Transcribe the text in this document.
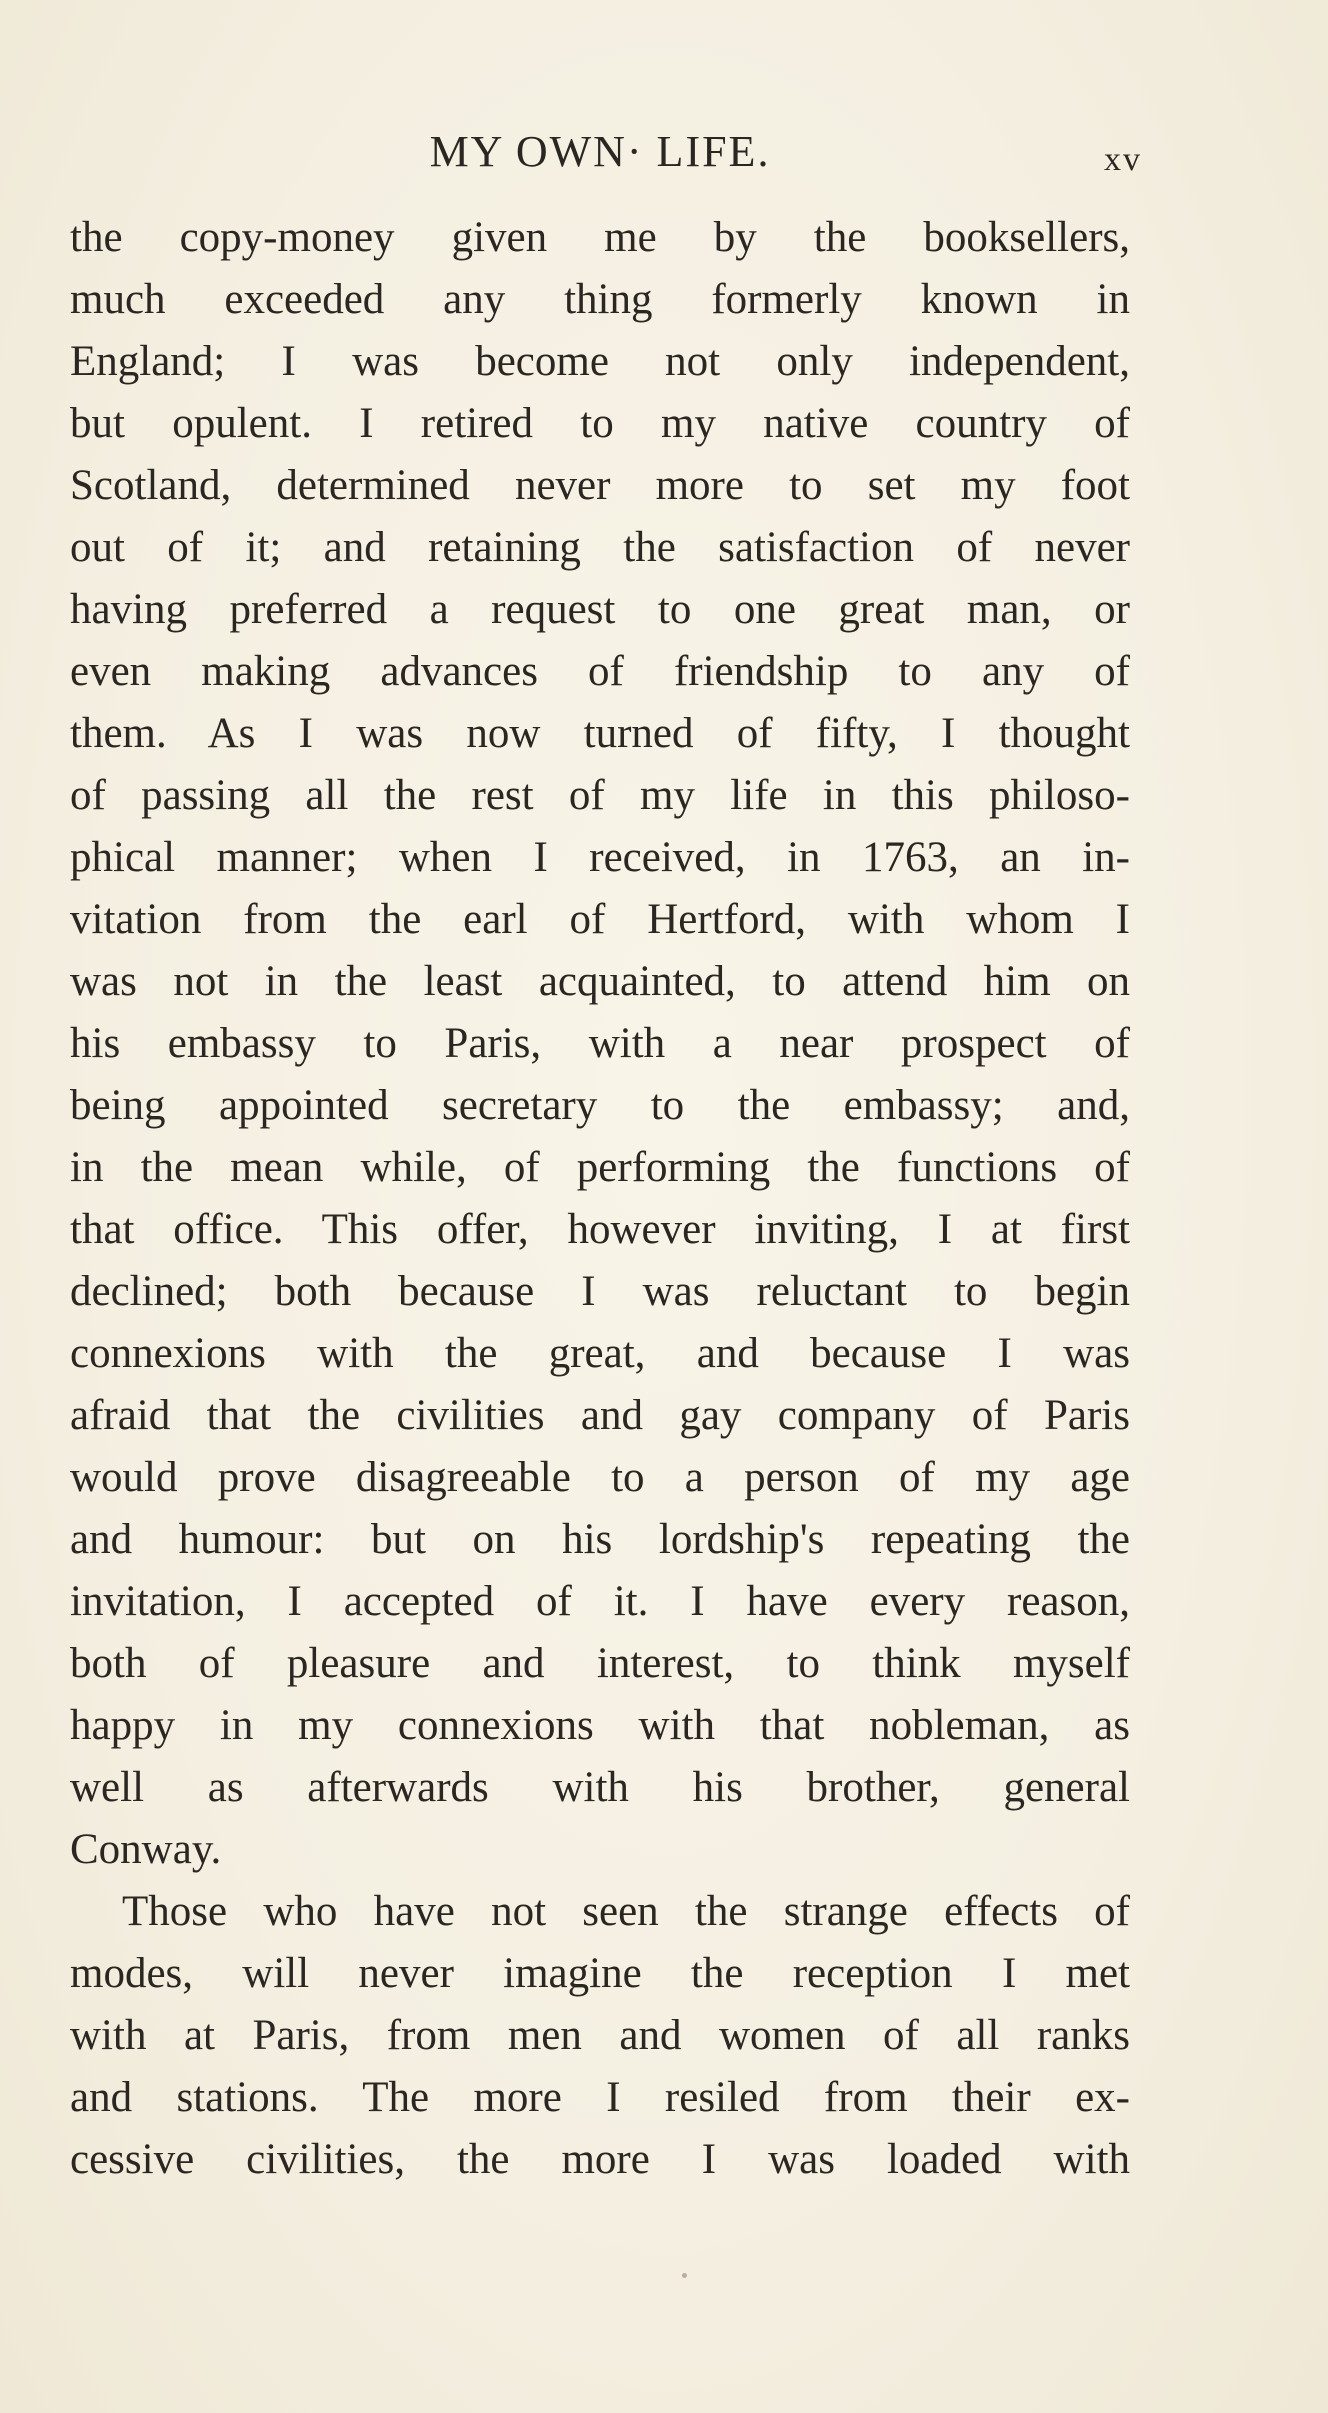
MY OWN· LIFE.	xv
the copy-money given me by the booksellers,
much exceeded any thing formerly known in
England; I was become not only independent,
but opulent. I retired to my native country of
Scotland, determined never more to set my foot
out of it; and retaining the satisfaction of never
having preferred a request to one great man, or
even making advances of friendship to any of
them. As I was now turned of fifty, I thought
of passing all the rest of my life in this philoso-
phical manner; when I received, in 1763, an in-
vitation from the earl of Hertford, with whom I
was not in the least acquainted, to attend him on
his embassy to Paris, with a near prospect of
being appointed secretary to the embassy; and,
in the mean while, of performing the functions of
that office. This offer, however inviting, I at first
declined; both because I was reluctant to begin
connexions with the great, and because I was
afraid that the civilities and gay company of Paris
would prove disagreeable to a person of my age
and humour: but on his lordship's repeating the
invitation, I accepted of it. I have every reason,
both of pleasure and interest, to think myself
happy in my connexions with that nobleman, as
well as afterwards with his brother, general
Conway.
Those who have not seen the strange effects of
modes, will never imagine the reception I met
with at Paris, from men and women of all ranks
and stations. The more I resiled from their ex-
cessive civilities, the more I was loaded with
